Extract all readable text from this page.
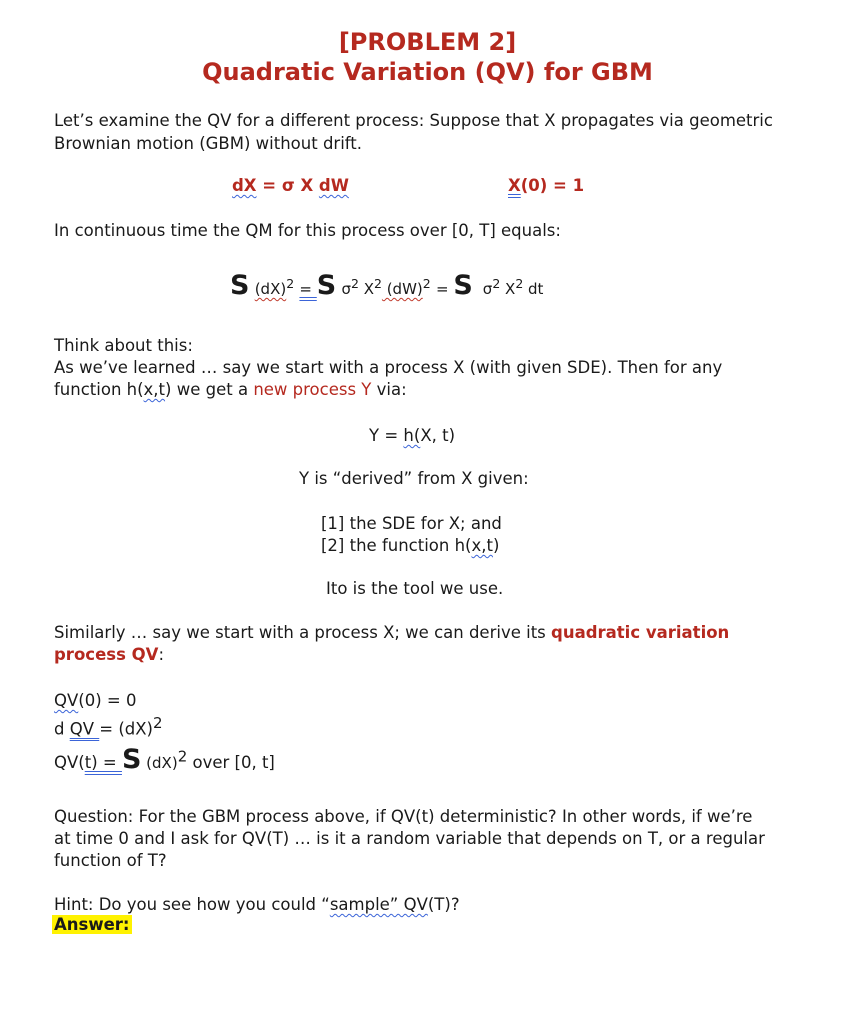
[PROBLEM 2]
Quadratic Variation (QV) for GBM
Let’s examine the QV for a different process: Suppose that X propagates via geometric
Brownian motion (GBM) without drift.
dX = σ X dW	X(0) = 1
In continuous time the QM for this process over [0, T] equals:
S (dX)$^2$ = S $\sigma^2$ $X^2$ (dW)$^2$ = S $\sigma^2$ $X^2$ dt
Think about this:
As we’ve learned … say we start with a process X (with given SDE). Then for any
function h(x,t) we get a new process Y via:
Y = h(X, t)
Y is “derived” from X given:
[1] the SDE for X; and
[2] the function h(x,t)
Ito is the tool we use.
Similarly … say we start with a process X; we can derive its quadratic variation
process QV:
QV(0) = 0
d QV = (dX)$^2$
QV(t) = S (dX)$^2$ over [0, t]
Question: For the GBM process above, if QV(t) deterministic? In other words, if we’re
at time 0 and I ask for QV(T) … is it a random variable that depends on T, or a regular
function of T?
Hint: Do you see how you could “sample” QV(T)?
Answer:
